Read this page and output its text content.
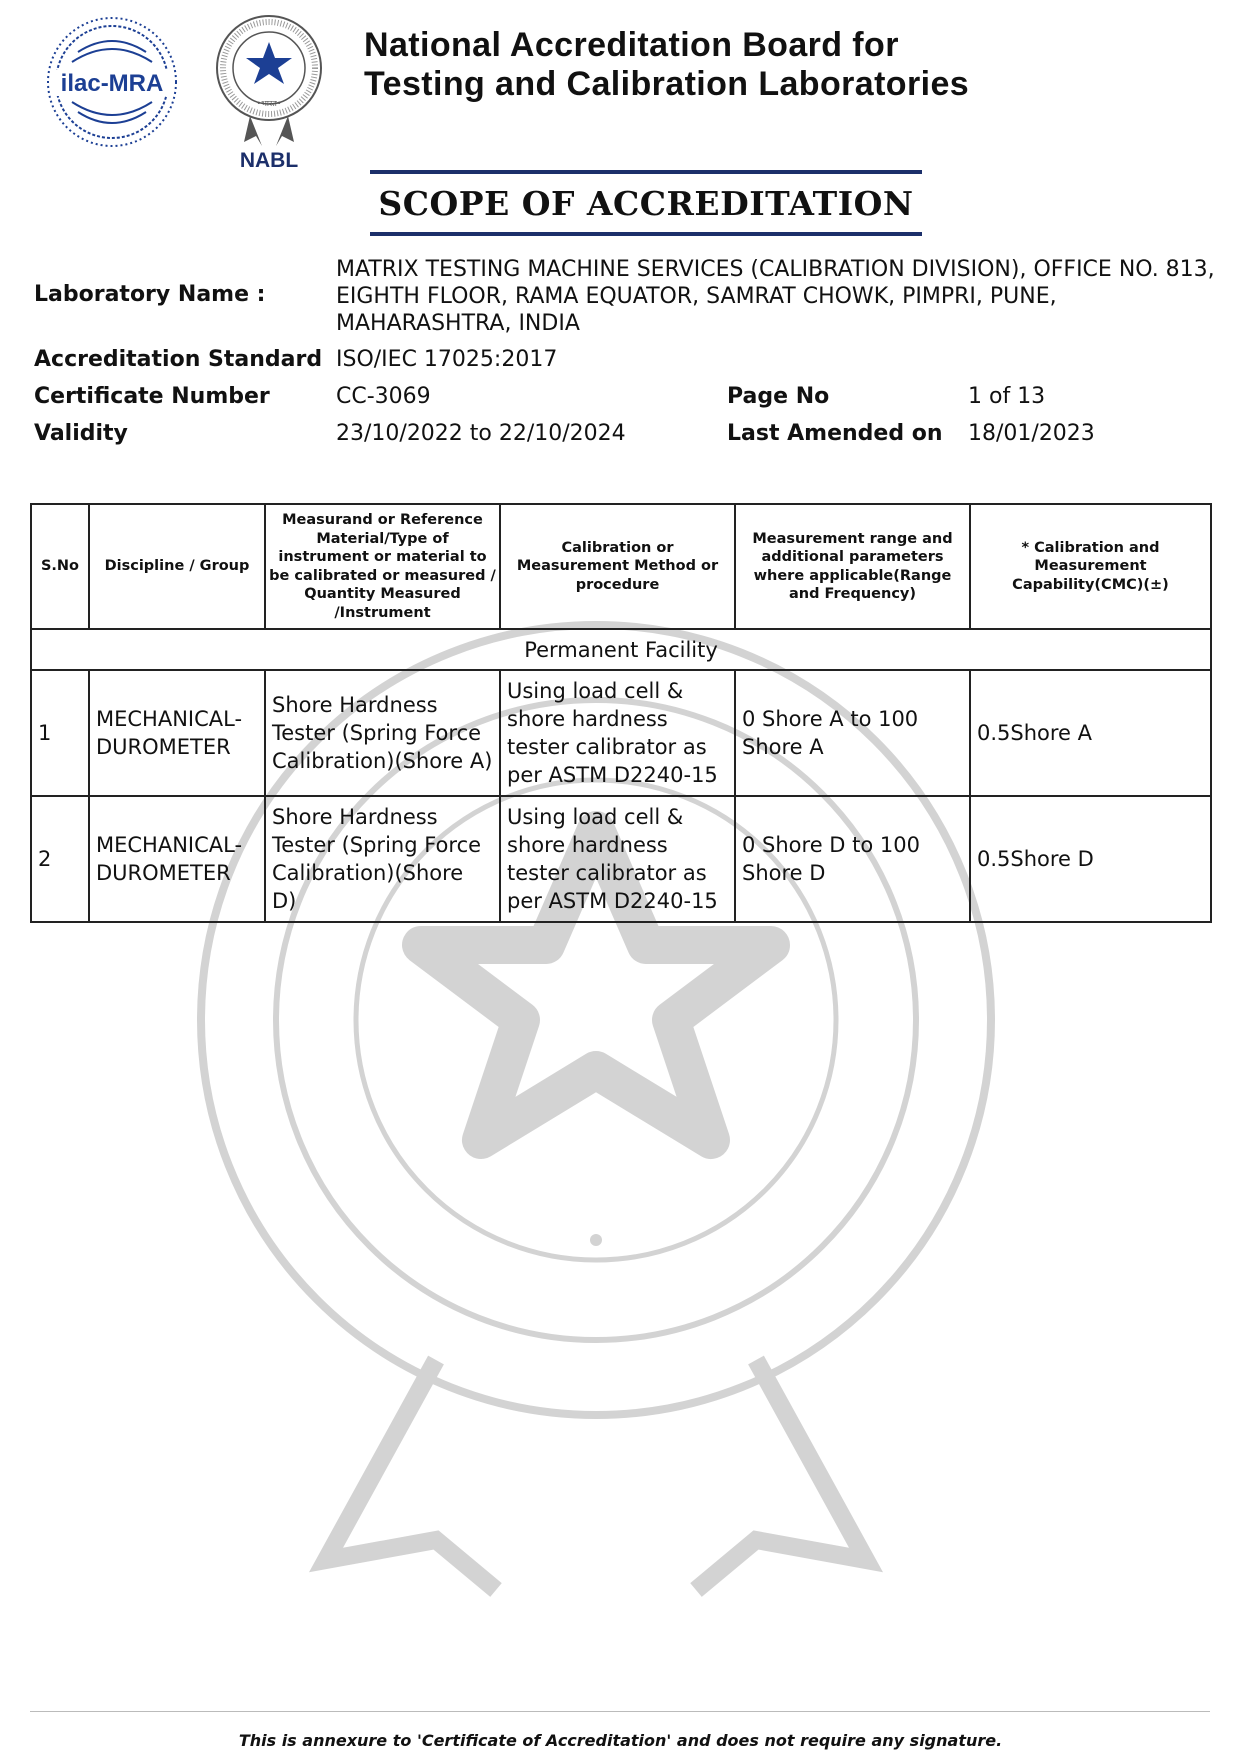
ilac-MRA
•भारत•
NABL
National Accreditation Board for
Testing and Calibration Laboratories
SCOPE OF ACCREDITATION
Laboratory Name :
MATRIX TESTING MACHINE SERVICES (CALIBRATION DIVISION), OFFICE NO. 813, EIGHTH FLOOR, RAMA EQUATOR, SAMRAT CHOWK, PIMPRI, PUNE, MAHARASHTRA, INDIA
Accreditation Standard ISO/IEC 17025:2017
Certificate Number	CC-3069	Page No	1 of 13
Validity	23/10/2022 to 22/10/2024	Last Amended on 18/01/2023
S.No	Discipline / Group	Measurand or Reference Material/Type of instrument or material to be calibrated or measured / Quantity Measured /Instrument	Calibration or Measurement Method or procedure	Measurement range and additional parameters where applicable(Range and Frequency)	* Calibration and Measurement Capability(CMC)(±)
Permanent Facility					
1	MECHANICAL- DUROMETER	Shore Hardness Tester (Spring Force Calibration)(Shore A)	Using load cell & shore hardness tester calibrator as per ASTM D2240-15	0 Shore A to 100 Shore A	0.5Shore A
2	MECHANICAL- DUROMETER	Shore Hardness Tester (Spring Force Calibration)(Shore D)	Using load cell & shore hardness tester calibrator as per ASTM D2240-15	0 Shore D to 100 Shore D	0.5Shore D
This is annexure to 'Certificate of Accreditation' and does not require any signature.
